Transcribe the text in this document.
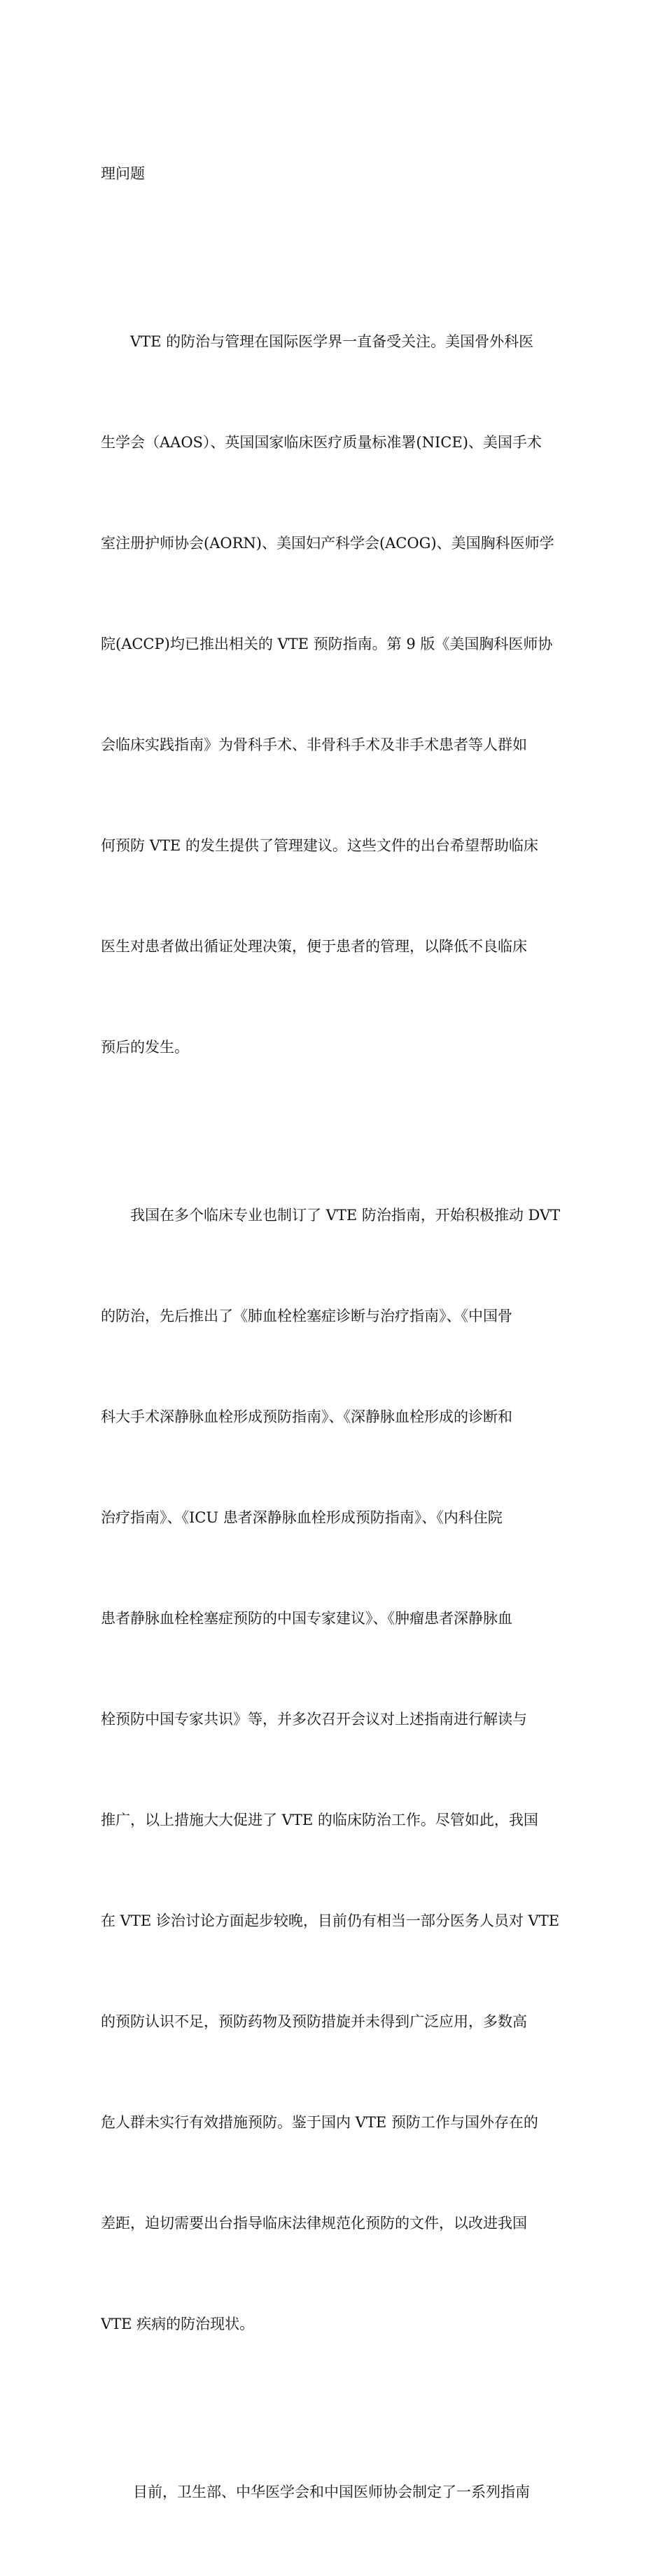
理问题

VTE 的防治与管理在国际医学界一直备受关注。美国骨外科医

生学会（AAOS）、英国国家临床医疗质量标准署(NICE)、美国手术

室注册护师协会(AORN)、美国妇产科学会(ACOG)、美国胸科医师学

院(ACCP)均已推出相关的 VTE 预防指南。第 9 版《美国胸科医师协

会临床实践指南》为骨科手术、非骨科手术及非手术患者等人群如

何预防 VTE 的发生提供了管理建议。这些文件的出台希望帮助临床

医生对患者做出循证处理决策，便于患者的管理，以降低不良临床

预后的发生。

我国在多个临床专业也制订了 VTE 防治指南，开始积极推动 DVT

的防治，先后推出了《肺血栓栓塞症诊断与治疗指南》、《中国骨

科大手术深静脉血栓形成预防指南》、《深静脉血栓形成的诊断和

治疗指南》、《ICU 患者深静脉血栓形成预防指南》、《内科住院

患者静脉血栓栓塞症预防的中国专家建议》、《肿瘤患者深静脉血

栓预防中国专家共识》等，并多次召开会议对上述指南进行解读与

推广，以上措施大大促进了 VTE 的临床防治工作。尽管如此，我国

在 VTE 诊治讨论方面起步较晚，目前仍有相当一部分医务人员对 VTE

的预防认识不足，预防药物及预防措旋并未得到广泛应用，多数高

危人群未实行有效措施预防。鉴于国内 VTE 预防工作与国外存在的

差距，迫切需要出台指导临床法律规范化预防的文件，以改进我国

VTE 疾病的防治现状。

目前，卫生部、中华医学会和中国医师协会制定了一系列指南
